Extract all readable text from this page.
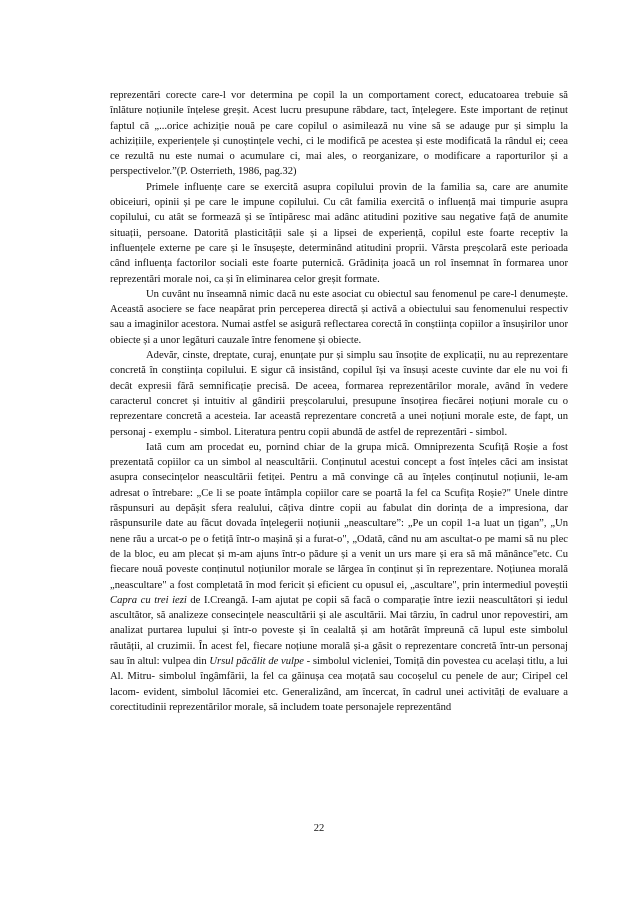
reprezentări corecte care-l vor determina pe copil la un comportament corect, educatoarea trebuie să înlăture noțiunile înțelese greșit. Acest lucru presupune răbdare, tact, înțelegere. Este important de reținut faptul că „...orice achiziție nouă pe care copilul o asimilează nu vine să se adauge pur și simplu la achizițiile, experiențele și cunoștințele vechi, ci le modifică pe acestea și este modificată la rândul ei; ceea ce rezultă nu este numai o acumulare ci, mai ales, o reorganizare, o modificare a raporturilor și a perspectivelor.”(P. Osterrieth, 1986, pag.32)

Primele influențe care se exercită asupra copilului provin de la familia sa, care are anumite obiceiuri, opinii și pe care le impune copilului. Cu cât familia exercită o influență mai timpurie asupra copilului, cu atât se formează și se întipăresc mai adânc atitudini pozitive sau negative față de anumite situații, persoane. Datorită plasticității sale și a lipsei de experiență, copilul este foarte receptiv la influențele externe pe care și le însușește, determinând atitudini proprii. Vârsta preșcolară este perioada când influența factorilor sociali este foarte puternică. Grădinița joacă un rol însemnat în formarea unor reprezentări morale noi, ca și în eliminarea celor greșit formate.

Un cuvânt nu înseamnă nimic dacă nu este asociat cu obiectul sau fenomenul pe care-l denumește. Această asociere se face neapărat prin perceperea directă și activă a obiectului sau fenomenului respectiv sau a imaginilor acestora. Numai astfel se asigură reflectarea corectă în conștiința copiilor a însușirilor unor obiecte și a unor legături cauzale între fenomene și obiecte.

Adevăr, cinste, dreptate, curaj, enunțate pur și simplu sau însoțite de explicații, nu au reprezentare concretă în conștiința copilului. E sigur că insistând, copilul își va însuși aceste cuvinte dar ele nu voi fi decât expresii fără semnificație precisă. De aceea, formarea reprezentărilor morale, având în vedere caracterul concret și intuitiv al gândirii preșcolarului, presupune însoțirea fiecărei noțiuni morale cu o reprezentare concretă a acesteia. Iar această reprezentare concretă a unei noțiuni morale este, de fapt, un personaj - exemplu - simbol. Literatura pentru copii abundă de astfel de reprezentări - simbol.

Iată cum am procedat eu, pornind chiar de la grupa mică. Omniprezenta Scufiță Roșie a fost prezentată copiilor ca un simbol al neascultării. Conținutul acestui concept a fost înțeles căci am insistat asupra consecințelor neascultării fetiței. Pentru a mă convinge că au înțeles conținutul noțiunii, le-am adresat o întrebare: „Ce li se poate întâmpla copiilor care se poartă la fel ca Scufița Roșie?" Unele dintre răspunsuri au depășit sfera realului, câțiva dintre copii au fabulat din dorința de a impresiona, dar răspunsurile date au făcut dovada înțelegerii noțiunii „neascultare”: „Pe un copil 1-a luat un țigan”, „Un nene rău a urcat-o pe o fetiță într-o mașină și a furat-o", „Odată, când nu am ascultat-o pe mami să nu plec de la bloc, eu am plecat și m-am ajuns într-o pădure și a venit un urs mare și era să mă mănânce"etc. Cu fiecare nouă poveste conținutul noțiunilor morale se lărgea în conținut și în reprezentare. Noțiunea morală „neascultare" a fost completată în mod fericit și eficient cu opusul ei, „ascultare", prin intermediul poveștii Capra cu trei iezi de I.Creangă. I-am ajutat pe copii să facă o comparație între iezii neascultători și iedul ascultător, să analizeze consecințele neascultării și ale ascultării. Mai târziu, în cadrul unor repovestiri, am analizat purtarea lupului și într-o poveste și în cealaltă și am hotărât împreună că lupul este simbolul răutății, al cruzimii. În acest fel, fiecare noțiune morală și-a găsit o reprezentare concretă într-un personaj sau în altul: vulpea din Ursul păcălit de vulpe - simbolul vicleniei, Tomiță din povestea cu același titlu, a lui Al. Mitru- simbolul îngâmfării, la fel ca găinușa cea moțată sau cocoșelul cu penele de aur; Ciripel cel lacom- evident, simbolul lăcomiei etc. Generalizând, am încercat, în cadrul unei activități de evaluare a corectitudinii reprezentărilor morale, să includem toate personajele reprezentând

22
